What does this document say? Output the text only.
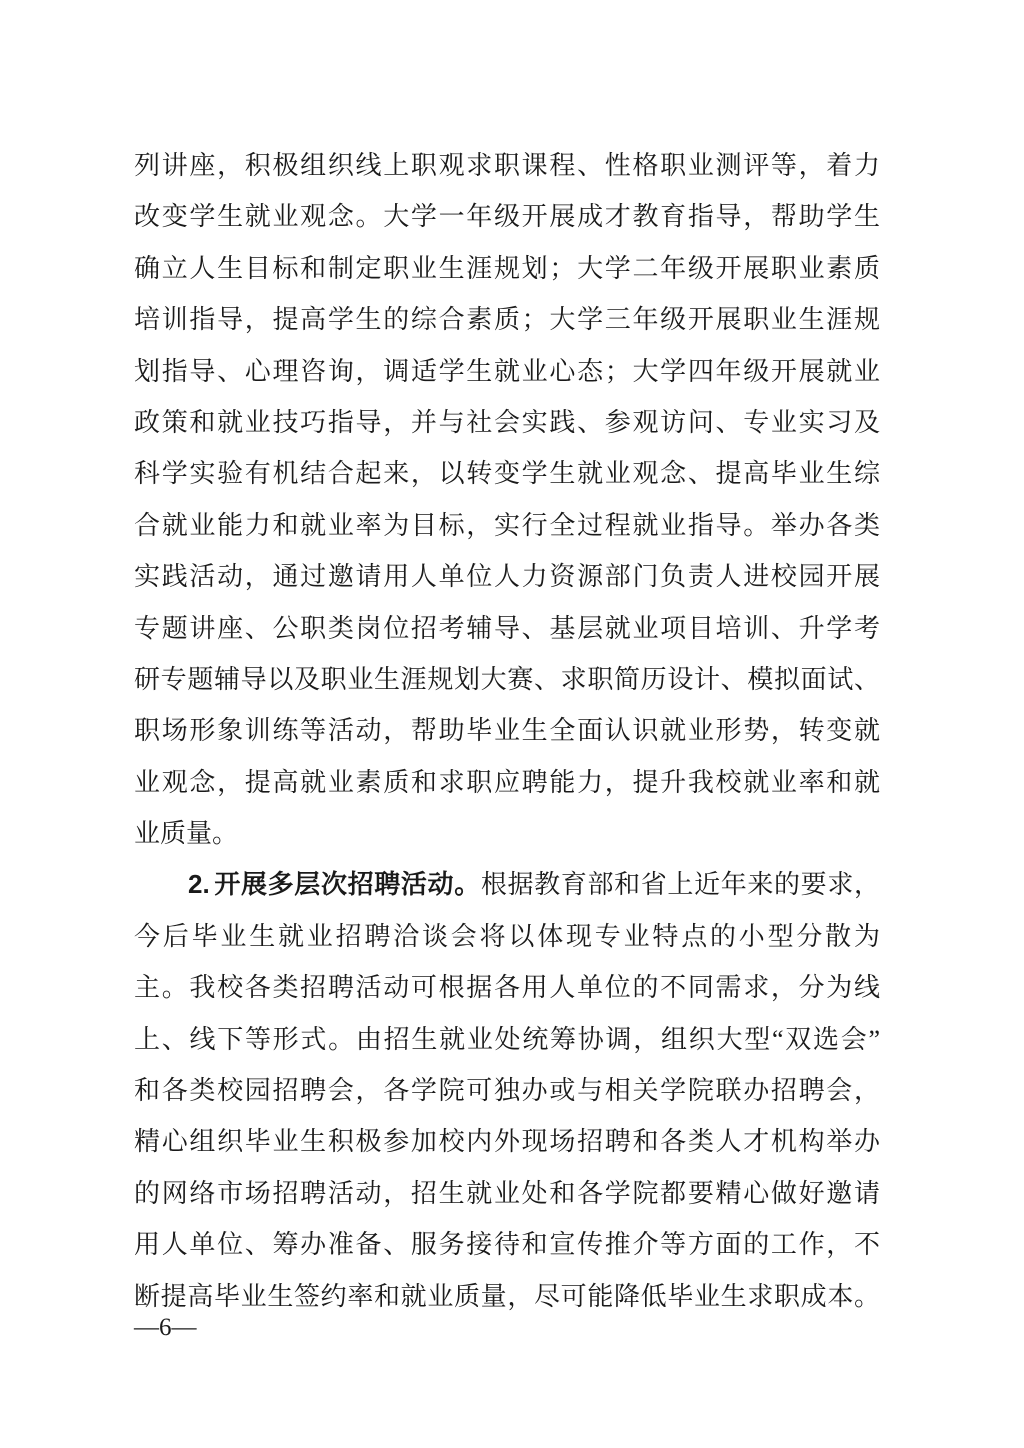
列讲座，积极组织线上职观求职课程、性格职业测评等，着力
改变学生就业观念。大学一年级开展成才教育指导，帮助学生
确立人生目标和制定职业生涯规划；大学二年级开展职业素质
培训指导，提高学生的综合素质；大学三年级开展职业生涯规
划指导、心理咨询，调适学生就业心态；大学四年级开展就业
政策和就业技巧指导，并与社会实践、参观访问、专业实习及
科学实验有机结合起来，以转变学生就业观念、提高毕业生综
合就业能力和就业率为目标，实行全过程就业指导。举办各类
实践活动，通过邀请用人单位人力资源部门负责人进校园开展
专题讲座、公职类岗位招考辅导、基层就业项目培训、升学考
研专题辅导以及职业生涯规划大赛、求职简历设计、模拟面试、
职场形象训练等活动，帮助毕业生全面认识就业形势，转变就
业观念，提高就业素质和求职应聘能力，提升我校就业率和就
业质量。
2. 开展多层次招聘活动。根据教育部和省上近年来的要求，
今后毕业生就业招聘洽谈会将以体现专业特点的小型分散为
主。我校各类招聘活动可根据各用人单位的不同需求，分为线
上、线下等形式。由招生就业处统筹协调，组织大型“双选会”
和各类校园招聘会，各学院可独办或与相关学院联办招聘会，
精心组织毕业生积极参加校内外现场招聘和各类人才机构举办
的网络市场招聘活动，招生就业处和各学院都要精心做好邀请
用人单位、筹办准备、服务接待和宣传推介等方面的工作，不
断提高毕业生签约率和就业质量，尽可能降低毕业生求职成本。
—6—
